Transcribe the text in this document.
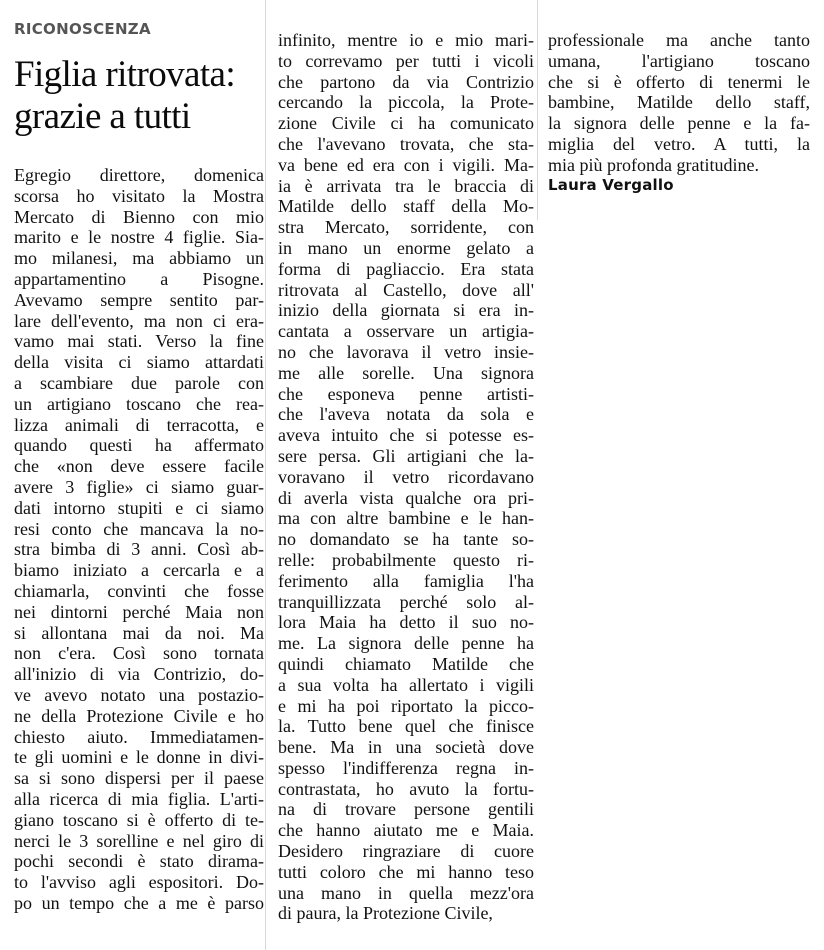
RICONOSCENZA
Figlia ritrovata:
grazie a tutti
Egregio direttore, domenica
scorsa ho visitato la Mostra
Mercato di Bienno con mio
marito e le nostre 4 figlie. Sia-
mo milanesi, ma abbiamo un
appartamentino a Pisogne.
Avevamo sempre sentito par-
lare dell'evento, ma non ci era-
vamo mai stati. Verso la fine
della visita ci siamo attardati
a scambiare due parole con
un artigiano toscano che rea-
lizza animali di terracotta, e
quando questi ha affermato
che «non deve essere facile
avere 3 figlie» ci siamo guar-
dati intorno stupiti e ci siamo
resi conto che mancava la no-
stra bimba di 3 anni. Così ab-
biamo iniziato a cercarla e a
chiamarla, convinti che fosse
nei dintorni perché Maia non
si allontana mai da noi. Ma
non c'era. Così sono tornata
all'inizio di via Contrizio, do-
ve avevo notato una postazio-
ne della Protezione Civile e ho
chiesto aiuto. Immediatamen-
te gli uomini e le donne in divi-
sa si sono dispersi per il paese
alla ricerca di mia figlia. L'arti-
giano toscano si è offerto di te-
nerci le 3 sorelline e nel giro di
pochi secondi è stato dirama-
to l'avviso agli espositori. Do-
po un tempo che a me è parso
infinito, mentre io e mio mari-
to correvamo per tutti i vicoli
che partono da via Contrizio
cercando la piccola, la Prote-
zione Civile ci ha comunicato
che l'avevano trovata, che sta-
va bene ed era con i vigili. Ma-
ia è arrivata tra le braccia di
Matilde dello staff della Mo-
stra Mercato, sorridente, con
in mano un enorme gelato a
forma di pagliaccio. Era stata
ritrovata al Castello, dove all'
inizio della giornata si era in-
cantata a osservare un artigia-
no che lavorava il vetro insie-
me alle sorelle. Una signora
che esponeva penne artisti-
che l'aveva notata da sola e
aveva intuito che si potesse es-
sere persa. Gli artigiani che la-
voravano il vetro ricordavano
di averla vista qualche ora pri-
ma con altre bambine e le han-
no domandato se ha tante so-
relle: probabilmente questo ri-
ferimento alla famiglia l'ha
tranquillizzata perché solo al-
lora Maia ha detto il suo no-
me. La signora delle penne ha
quindi chiamato Matilde che
a sua volta ha allertato i vigili
e mi ha poi riportato la picco-
la. Tutto bene quel che finisce
bene. Ma in una società dove
spesso l'indifferenza regna in-
contrastata, ho avuto la fortu-
na di trovare persone gentili
che hanno aiutato me e Maia.
Desidero ringraziare di cuore
tutti coloro che mi hanno teso
una mano in quella mezz'ora
di paura, la Protezione Civile,
professionale ma anche tanto
umana, l'artigiano toscano
che si è offerto di tenermi le
bambine, Matilde dello staff,
la signora delle penne e la fa-
miglia del vetro. A tutti, la
mia più profonda gratitudine.
Laura Vergallo
